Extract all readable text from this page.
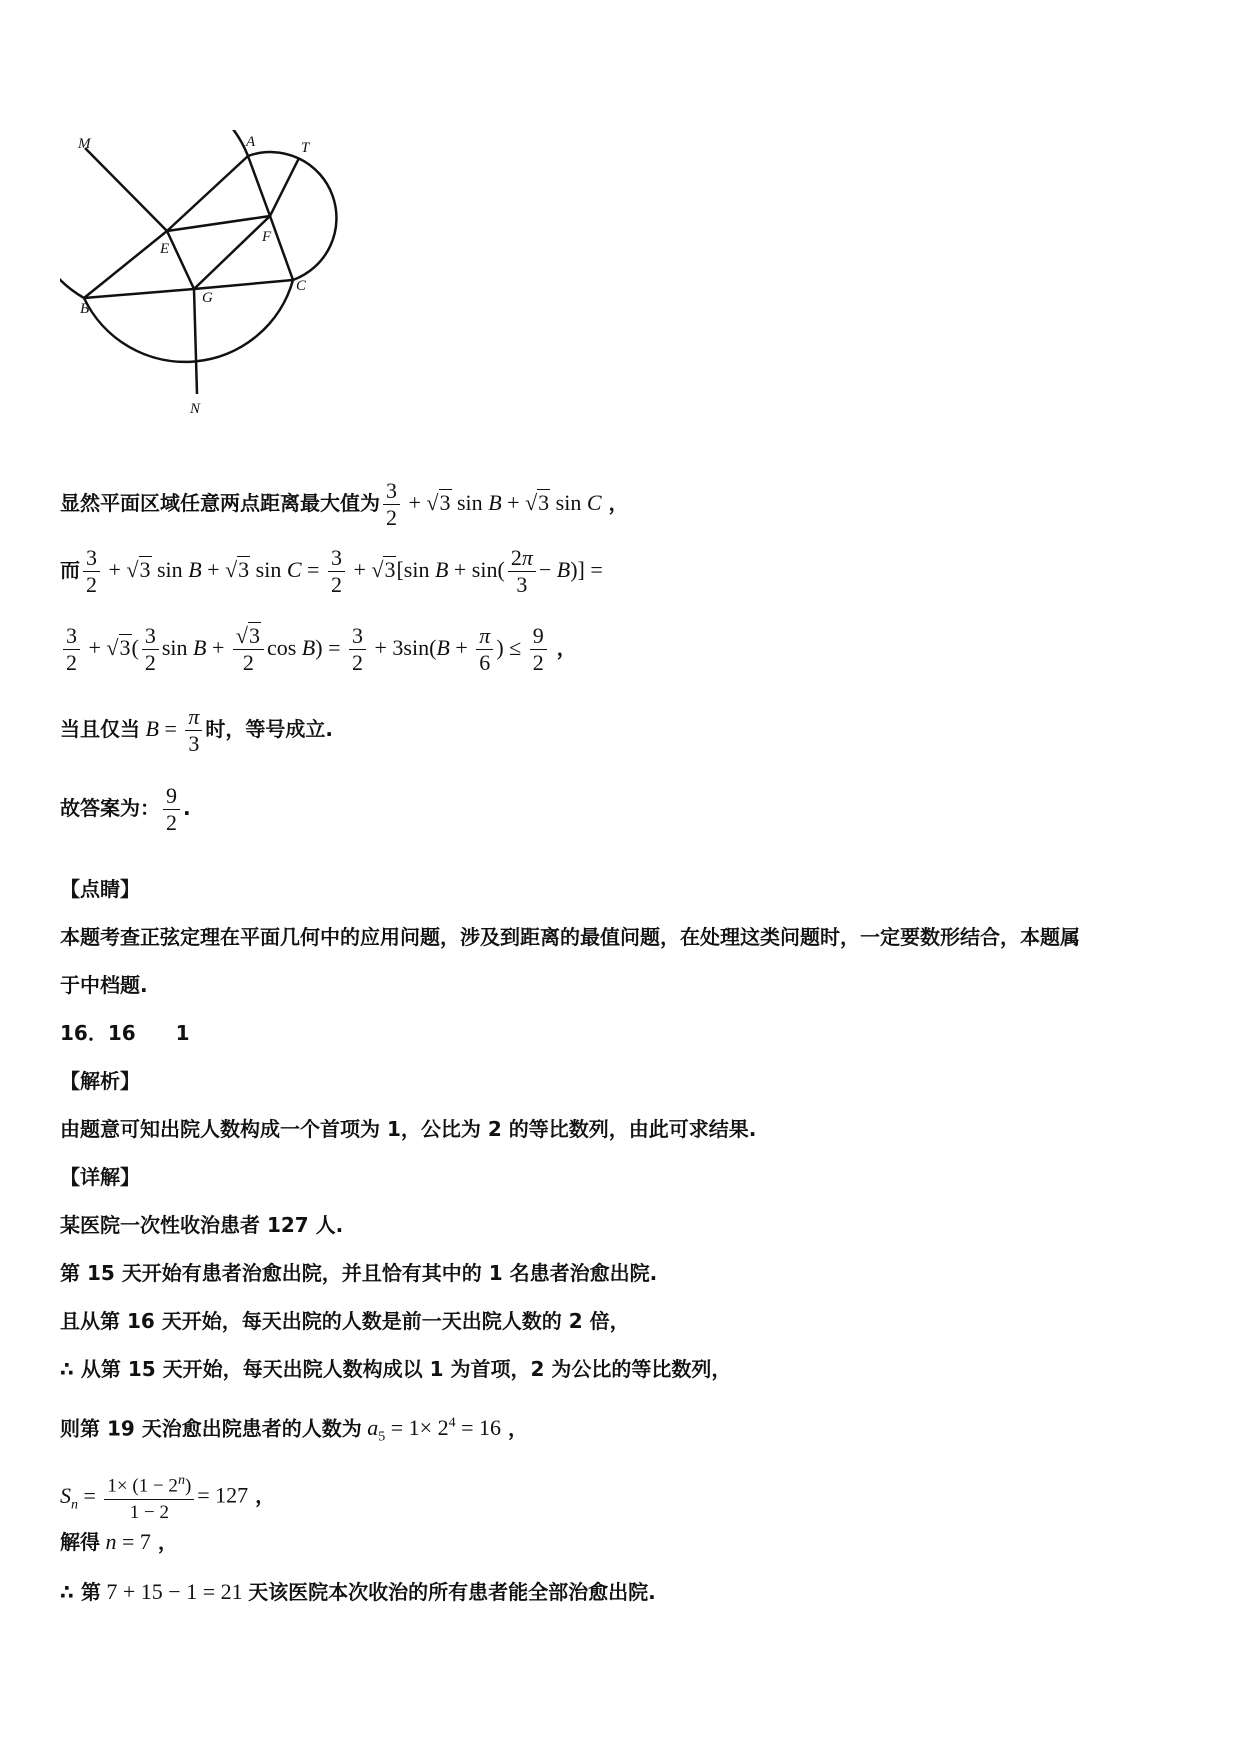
M	A	T
E
F
B
G
C
N
显然平面区域任意两点距离最大值为 $\frac{3}{2} + √3$ sin B + √3 sin C ，
而 $\frac{3}{2} + √3$ sin B + √3 $\sin C = \frac{3}{2} + √3[\sin$ $B + \sin( \frac{2\pi}{3} - B)$] =
$\frac{3}{2} + √3( \frac{3}{2}$ $\sin B + \frac{√3}{2}$ $\cos B) = \frac{3}{2} + 3\sin(B + \frac{\pi}{6}$ ) ≤ $\frac{9}{2}$ ，
当且仅当 $B = \frac{\pi}{3}$ 时，等号成立.
故答案为： $\frac{9}{2}$ .
【点睛】
本题考查正弦定理在平面几何中的应用问题，涉及到距离的最值问题，在处理这类问题时，一定要数形结合，本题属
于中档题.
16．16　　1
【解析】
由题意可知出院人数构成一个首项为 1，公比为 2 的等比数列，由此可求结果.
【详解】
某医院一次性收治患者 127 人.
第 15 天开始有患者治愈出院，并且恰有其中的 1 名患者治愈出院.
且从第 16 天开始，每天出院的人数是前一天出院人数的 2 倍，
∴ 从第 15 天开始，每天出院人数构成以 1 为首项，2 为公比的等比数列，
则第 19 天治愈出院患者的人数为 $a_5 = 1\times 2^4 = 16$ ，
$S_n = \frac{1\times (1 - 2^n)}{1 - 2} = 127$ ，
解得 n = 7 ，
∴ 第 7 + 15 − 1 = 21 天该医院本次收治的所有患者能全部治愈出院.
